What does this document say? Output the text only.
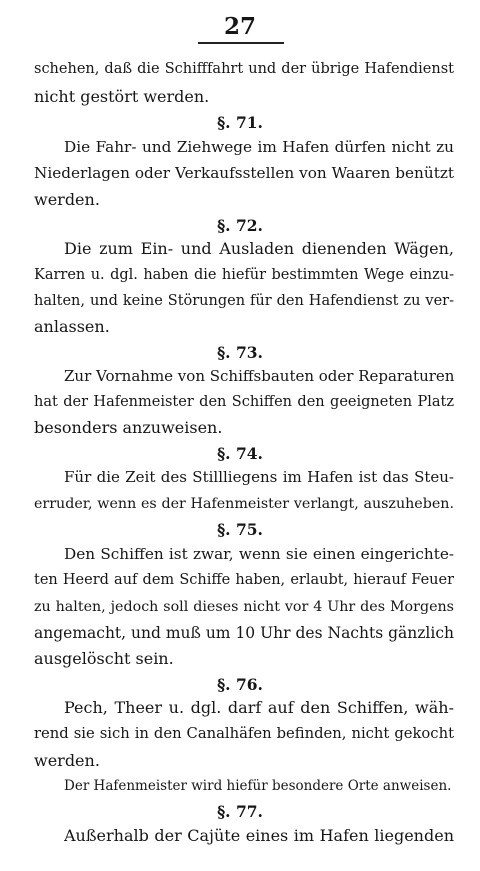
27
schehen, daß die Schifffahrt und der übrige Hafendienst
nicht gestört werden.
§. 71.
Die Fahr- und Ziehwege im Hafen dürfen nicht zu
Niederlagen oder Verkaufsstellen von Waaren benützt
werden.
§. 72.
Die zum Ein- und Ausladen dienenden Wägen,
Karren u. dgl. haben die hiefür bestimmten Wege einzu-
halten, und keine Störungen für den Hafendienst zu ver-
anlassen.
§. 73.
Zur Vornahme von Schiffsbauten oder Reparaturen
hat der Hafenmeister den Schiffen den geeigneten Platz
besonders anzuweisen.
§. 74.
Für die Zeit des Stillliegens im Hafen ist das Steu-
erruder, wenn es der Hafenmeister verlangt, auszuheben.
§. 75.
Den Schiffen ist zwar, wenn sie einen eingerichte-
ten Heerd auf dem Schiffe haben, erlaubt, hierauf Feuer
zu halten, jedoch soll dieses nicht vor 4 Uhr des Morgens
angemacht, und muß um 10 Uhr des Nachts gänzlich
ausgelöscht sein.
§. 76.
Pech, Theer u. dgl. darf auf den Schiffen, wäh-
rend sie sich in den Canalhäfen befinden, nicht gekocht
werden.
Der Hafenmeister wird hiefür besondere Orte anweisen.
§. 77.
Außerhalb der Cajüte eines im Hafen liegenden
